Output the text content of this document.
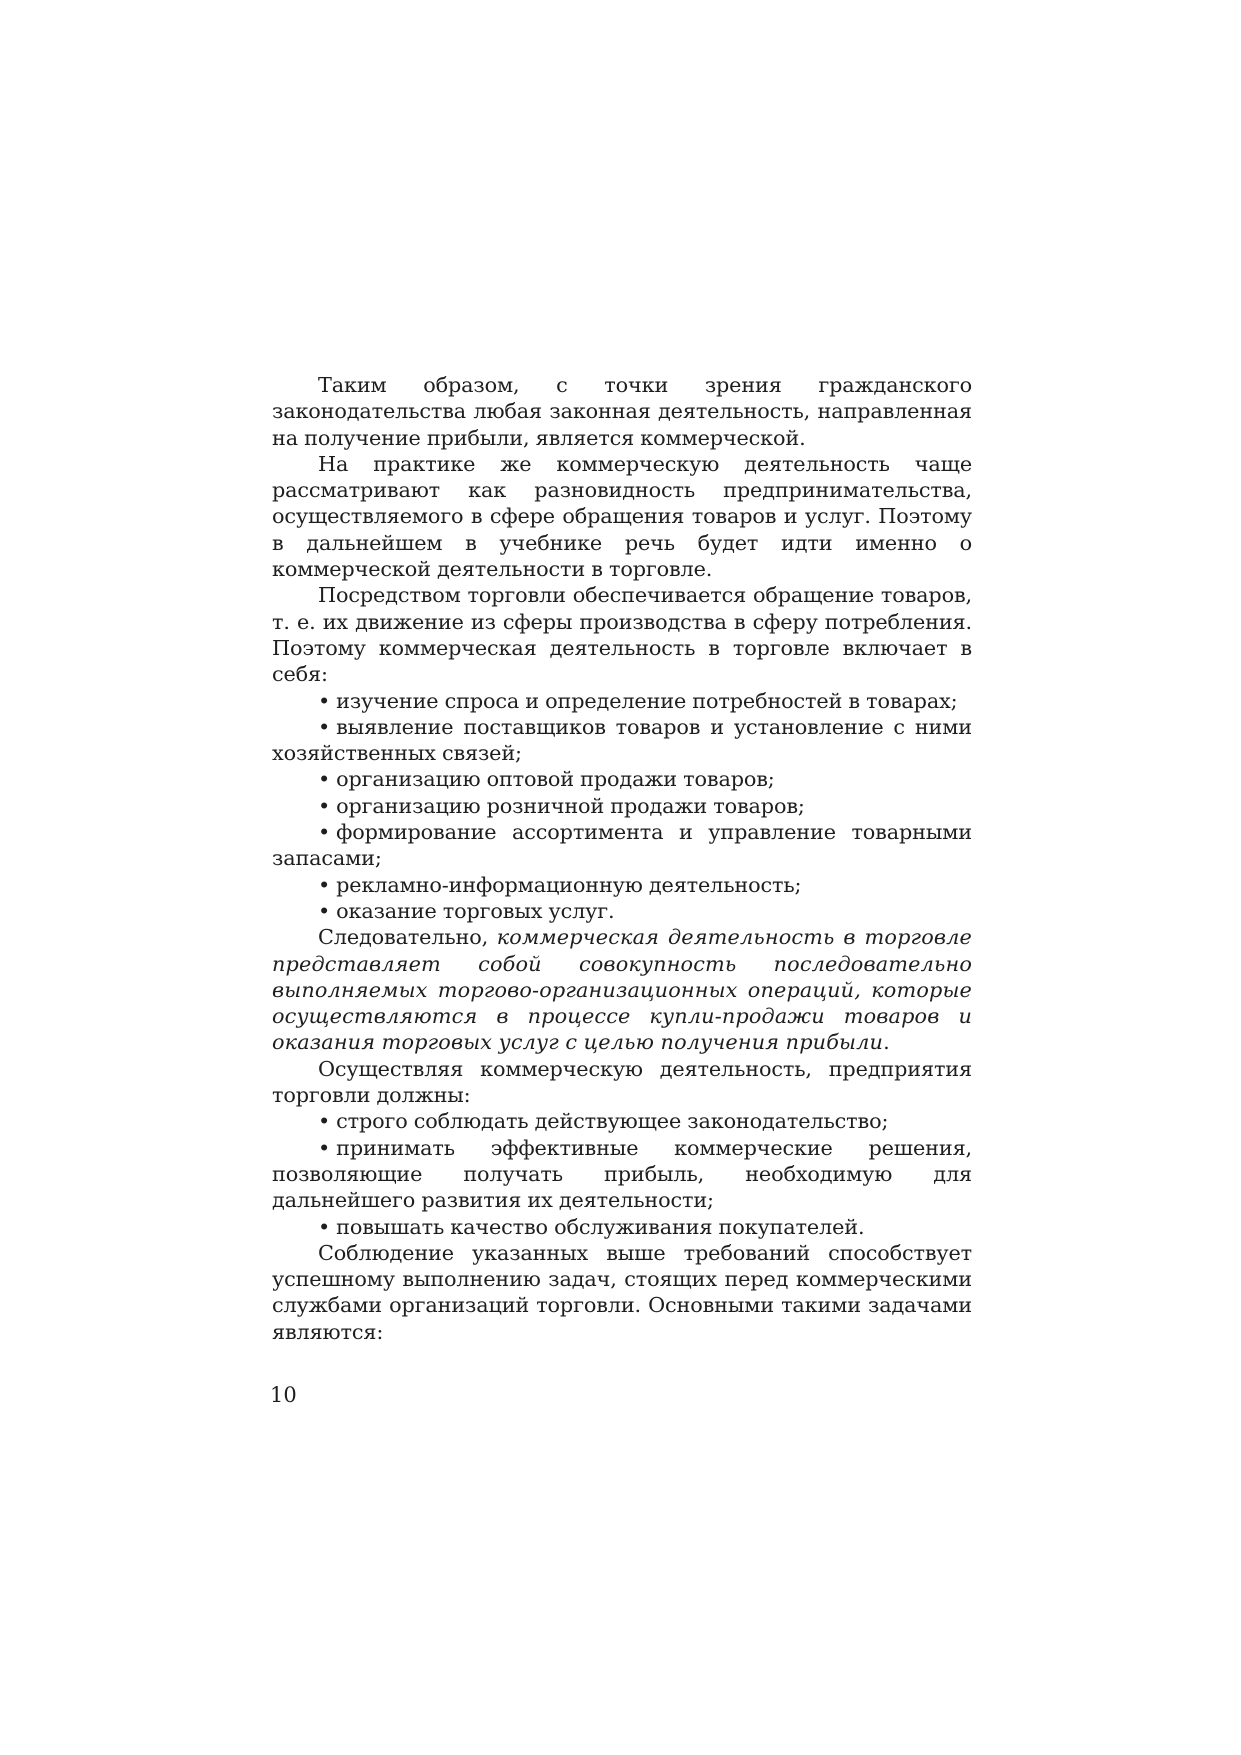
Таким образом, с точки зрения гражданского законодательства любая законная деятельность, направленная на получение прибыли, является коммерческой.

На практике же коммерческую деятельность чаще рассматривают как разновидность предпринимательства, осуществляемого в сфере обращения товаров и услуг. Поэтому в дальнейшем в учебнике речь будет идти именно о коммерческой деятельности в торговле.

Посредством торговли обеспечивается обращение товаров, т. е. их движение из сферы производства в сферу потребления. Поэтому коммерческая деятельность в торговле включает в себя:

• изучение спроса и определение потребностей в товарах;

• выявление поставщиков товаров и установление с ними хозяйственных связей;

• организацию оптовой продажи товаров;

• организацию розничной продажи товаров;

• формирование ассортимента и управление товарными запасами;

• рекламно-информационную деятельность;

• оказание торговых услуг.

Следовательно, коммерческая деятельность в торговле представляет собой совокупность последовательно выполняемых торгово-организационных операций, которые осуществляются в процессе купли-продажи товаров и оказания торговых услуг с целью получения прибыли.

Осуществляя коммерческую деятельность, предприятия торговли должны:

• строго соблюдать действующее законодательство;

• принимать эффективные коммерческие решения, позволяющие получать прибыль, необходимую для дальнейшего развития их деятельности;

• повышать качество обслуживания покупателей.

Соблюдение указанных выше требований способствует успешному выполнению задач, стоящих перед коммерческими службами организаций торговли. Основными такими задачами являются:

10
